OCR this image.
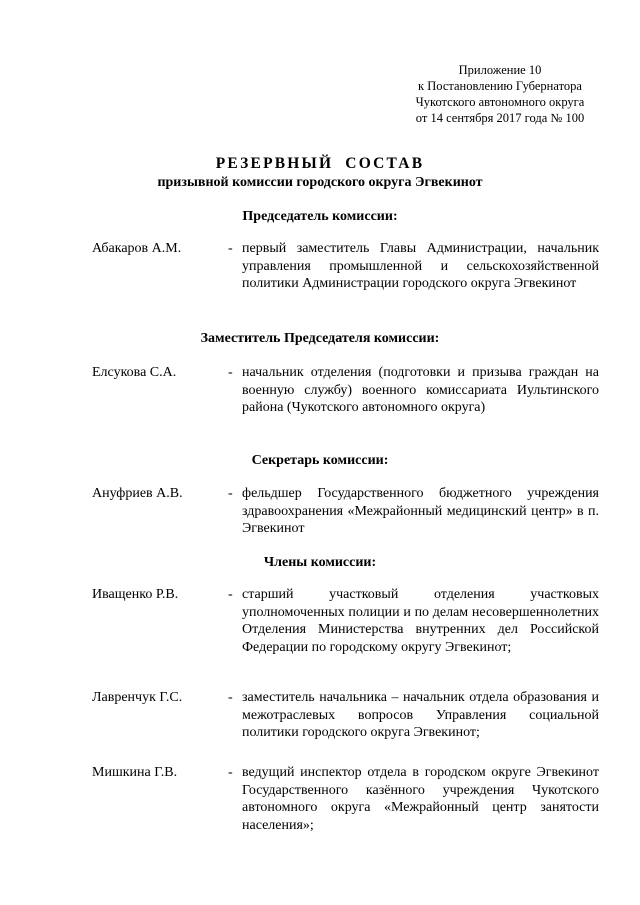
Приложение 10
к Постановлению Губернатора
Чукотского автономного округа
от 14 сентября 2017 года № 100
РЕЗЕРВНЫЙ СОСТАВ
призывной комиссии городского округа Эгвекинот
Председатель комиссии:
Абакаров А.М.	- первый заместитель Главы Администрации, начальник управления промышленной и сельскохозяйственной политики Администрации городского округа Эгвекинот
Заместитель Председателя комиссии:
Елсукова С.А.	- начальник отделения (подготовки и призыва граждан на военную службу) военного комиссариата Иультинского района (Чукотского автономного округа)
Секретарь комиссии:
Ануфриев А.В.	- фельдшер Государственного бюджетного учреждения здравоохранения «Межрайонный медицинский центр» в п. Эгвекинот
Члены комиссии:
Иващенко Р.В.	- старший участковый отделения участковых уполномоченных полиции и по делам несовершеннолетних Отделения Министерства внутренних дел Российской Федерации по городскому округу Эгвекинот;
Лавренчук Г.С.	- заместитель начальника – начальник отдела образования и межотраслевых вопросов Управления социальной политики городского округа Эгвекинот;
Мишкина Г.В.	- ведущий инспектор отдела в городском округе Эгвекинот Государственного казённого учреждения Чукотского автономного округа «Межрайонный центр занятости населения»;
